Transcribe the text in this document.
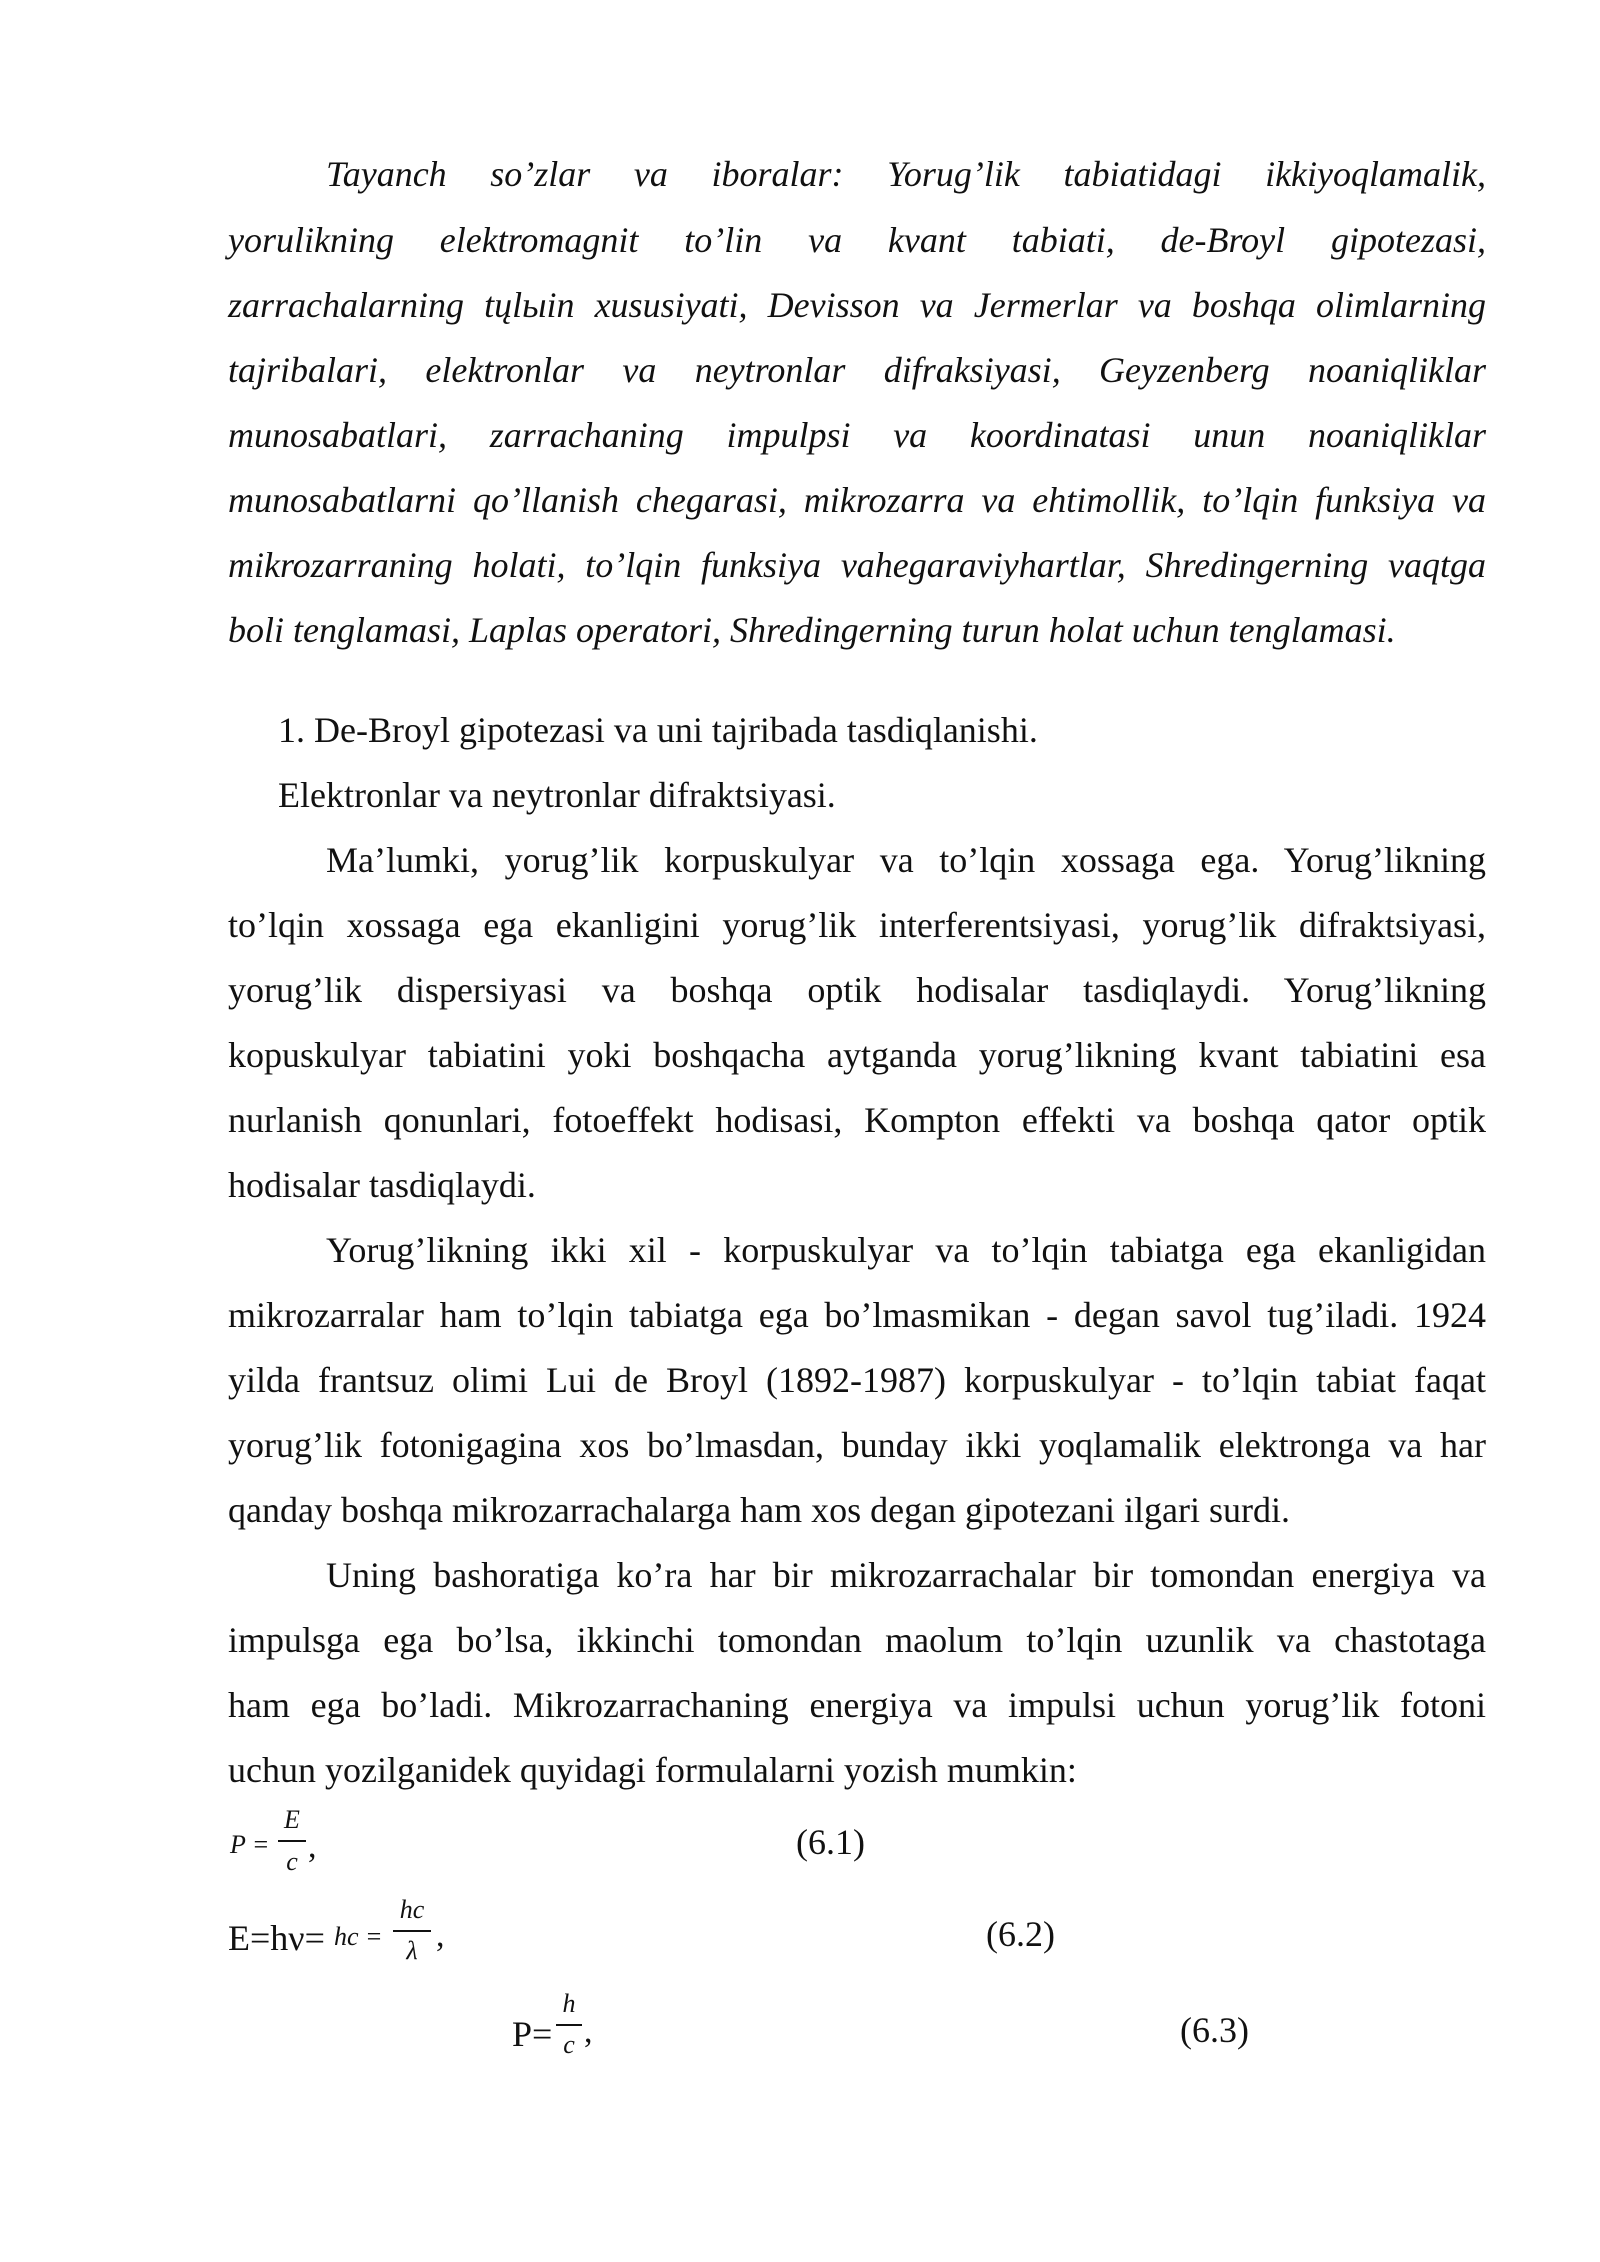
Tayanch so’zlar va iboralar: Yorug’lik tabiatidagi ikkiyoqlamalik,
yorulikning elektromagnit to’lin va kvant tabiati, de-Broyl gipotezasi,
zarrachalarning tųlыin xususiyati, Devisson va Jermerlar va boshqa olimlarning
tajribalari, elektronlar va neytronlar difraksiyasi, Geyzenberg noaniqliklar
munosabatlari, zarrachaning impulpsi va koordinatasi unun noaniqliklar
munosabatlarni qo’llanish chegarasi, mikrozarra va ehtimollik, to’lqin funksiya va
mikrozarraning holati, to’lqin funksiya vahegaraviyhartlar, Shredingerning vaqtga
boli tenglamasi, Laplas operatori, Shredingerning turun holat uchun tenglamasi.
1. De-Broyl gipotezasi va uni tajribada tasdiqlanishi.
Elektronlar va neytronlar difraktsiyasi.
Ma’lumki, yorug’lik korpuskulyar va to’lqin xossaga ega. Yorug’likning
to’lqin xossaga ega ekanligini yorug’lik interferentsiyasi, yorug’lik difraktsiyasi,
yorug’lik dispersiyasi va boshqa optik hodisalar tasdiqlaydi. Yorug’likning
kopuskulyar tabiatini yoki boshqacha aytganda yorug’likning kvant tabiatini esa
nurlanish qonunlari, fotoeffekt hodisasi, Kompton effekti va boshqa qator optik
hodisalar tasdiqlaydi.
Yorug’likning ikki xil - korpuskulyar va to’lqin tabiatga ega ekanligidan
mikrozarralar ham to’lqin tabiatga ega bo’lmasmikan - degan savol tug’iladi. 1924
yilda frantsuz olimi Lui de Broyl (1892-1987) korpuskulyar - to’lqin tabiat faqat
yorug’lik fotonigagina xos bo’lmasdan, bunday ikki yoqlamalik elektronga va har
qanday boshqa mikrozarrachalarga ham xos degan gipotezani ilgari surdi.
Uning bashoratiga ko’ra har bir mikrozarrachalar bir tomondan energiya va
impulsga ega bo’lsa, ikkinchi tomondan maolum to’lqin uzunlik va chastotaga
ham ega bo’ladi. Mikrozarrachaning energiya va impulsi uchun yorug’lik fotoni
uchun yozilganidek quyidagi formulalarni yozish mumkin:
P =
E
c ,	(6.1)
E=hν= hc =
hc
λ ,	(6.2)
P=
h
c ,	(6.3)
